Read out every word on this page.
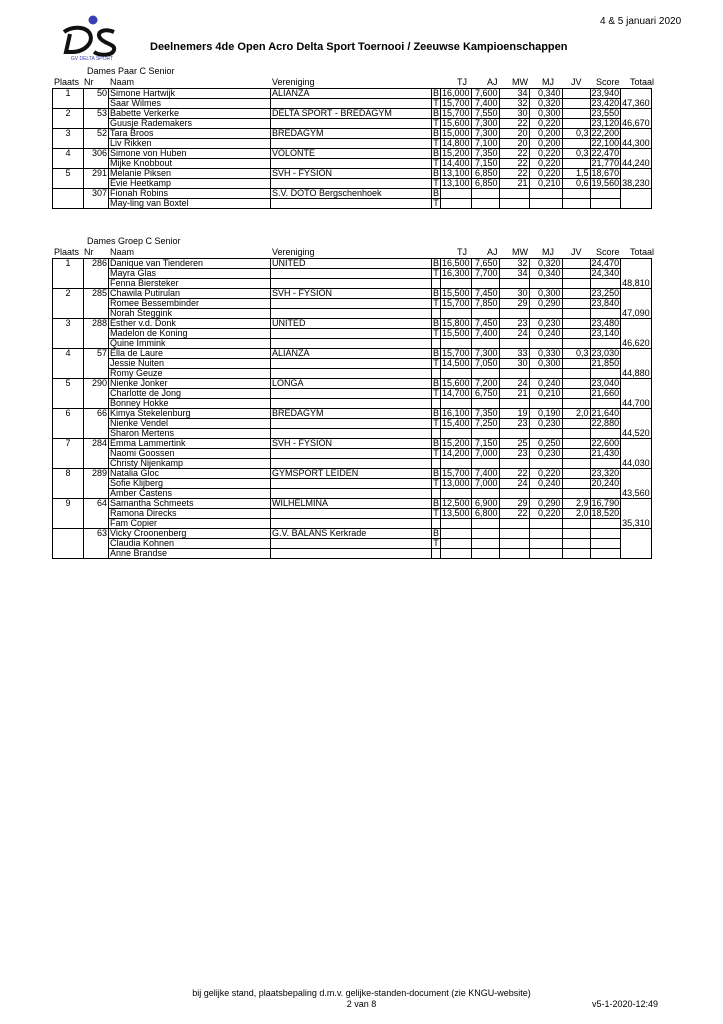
4 & 5 januari 2020
GV DELTA SPORT
Deelnemers 4de Open Acro Delta Sport Toernooi / Zeeuwse Kampioenschappen
Dames Paar C Senior
Plaats Nr Naam	Vereniging	TJ AJ MW MJ JV Score Totaal
1	50	Simone Hartwijk	ALIANZA	B	16,000	7,600	34	0,340		23,940	
		Saar Wilmes		T	15,700	7,400	32	0,320		23,420	47,360
2	53	Babette Verkerke	DELTA SPORT - BREDAGYM	B	15,700	7,550	30	0,300		23,550	
		Guusje Rademakers		T	15,600	7,300	22	0,220		23,120	46,670
3	52	Tara Broos	BREDAGYM	B	15,000	7,300	20	0,200	0,3	22,200	
		Liv Rikken		T	14,800	7,100	20	0,200		22,100	44,300
4	306	Simone von Huben	VOLONTÉ	B	15,200	7,350	22	0,220	0,3	22,470	
		Mijke Knobbout		T	14,400	7,150	22	0,220		21,770	44,240
5	291	Melanie Piksen	SVH - FYSION	B	13,100	6,850	22	0,220	1,5	18,670	
		Evie Heetkamp		T	13,100	6,850	21	0,210	0,6	19,560	38,230
	307	Fionah Robins	S.V. DOTO Bergschenhoek	B							
		May-ling van Boxtel		T							
Dames Groep C Senior
Plaats Nr Naam	Vereniging	TJ AJ MW MJ JV Score Totaal
1	286	Danique van Tienderen	UNITED	B	16,500	7,650	32	0,320		24,470	
		Mayra Glas		T	16,300	7,700	34	0,340		24,340	
		Fenna Biersteker									48,810
2	285	Chawila Putirulan	SVH - FYSION	B	15,500	7,450	30	0,300		23,250	
		Romee Bessembinder		T	15,700	7,850	29	0,290		23,840	
		Norah Steggink									47,090
3	288	Esther v.d. Donk	UNITED	B	15,800	7,450	23	0,230		23,480	
		Madelon de Koning		T	15,500	7,400	24	0,240		23,140	
		Quine Immink									46,620
4	57	Ella de Laure	ALIANZA	B	15,700	7,300	33	0,330	0,3	23,030	
		Jessie Nuiten		T	14,500	7,050	30	0,300		21,850	
		Romy Geuze									44,880
5	290	Nienke Jonker	LONGA	B	15,600	7,200	24	0,240		23,040	
		Charlotte de Jong		T	14,700	6,750	21	0,210		21,660	
		Bonney Hokke									44,700
6	66	Kimya Stekelenburg	BREDAGYM	B	16,100	7,350	19	0,190	2,0	21,640	
		Nienke Vendel		T	15,400	7,250	23	0,230		22,880	
		Sharon Mertens									44,520
7	284	Emma Lammertink	SVH - FYSION	B	15,200	7,150	25	0,250		22,600	
		Naomi Goossen		T	14,200	7,000	23	0,230		21,430	
		Christy Nijenkamp									44,030
8	289	Natalia Gloc	GYMSPORT LEIDEN	B	15,700	7,400	22	0,220		23,320	
		Sofie Klijberg		T	13,000	7,000	24	0,240		20,240	
		Amber Castens									43,560
9	64	Samantha Schmeets	WILHELMINA	B	12,500	6,900	29	0,290	2,9	16,790	
		Ramona Direcks		T	13,500	6,800	22	0,220	2,0	18,520	
		Fam Copier									35,310
	63	Vicky Croonenberg	G.V. BALANS Kerkrade	B							
		Claudia Kohnen		T							
		Anne Brandse									
bij gelijke stand, plaatsbepaling d.m.v. gelijke-standen-document (zie KNGU-website)
2 van 8	v5-1-2020-12:49
